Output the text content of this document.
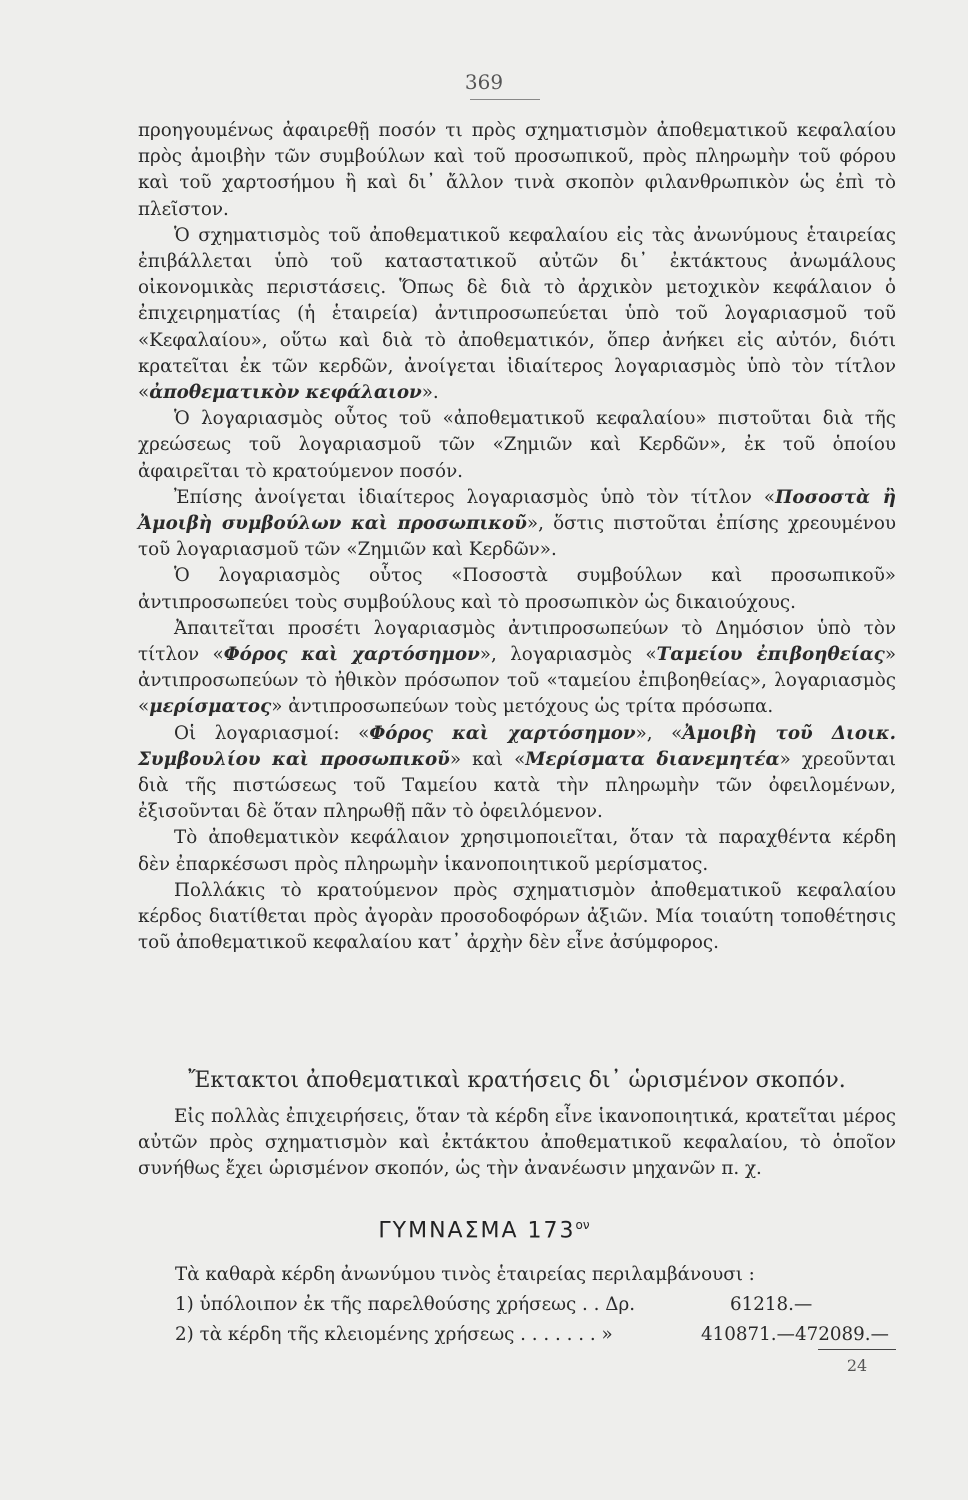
369

προηγουμένως ἀφαιρεθῇ ποσόν τι πρὸς σχηματισμὸν ἀποθεματικοῦ κεφαλαίου πρὸς ἀμοιβὴν τῶν συμβούλων καὶ τοῦ προσωπικοῦ, πρὸς πληρωμὴν τοῦ φόρου καὶ τοῦ χαρτοσήμου ἢ καὶ δι᾽ ἄλλον τινὰ σκοπὸν φιλανθρωπικὸν ὡς ἐπὶ τὸ πλεῖστον.

Ὁ σχηματισμὸς τοῦ ἀποθεματικοῦ κεφαλαίου εἰς τὰς ἀνωνύμους ἑταιρείας ἐπιβάλλεται ὑπὸ τοῦ καταστατικοῦ αὐτῶν δι᾽ ἐκτάκτους ἀνωμάλους οἰκονομικὰς περιστάσεις. Ὅπως δὲ διὰ τὸ ἀρχικὸν μετοχικὸν κεφάλαιον ὁ ἐπιχειρηματίας (ἡ ἑταιρεία) ἀντιπροσωπεύεται ὑπὸ τοῦ λογαριασμοῦ τοῦ «Κεφαλαίου», οὕτω καὶ διὰ τὸ ἀποθεματικόν, ὅπερ ἀνήκει εἰς αὐτόν, διότι κρατεῖται ἐκ τῶν κερδῶν, ἀνοίγεται ἰδιαίτερος λογαριασμὸς ὑπὸ τὸν τίτλον «ἀποθεματικὸν κεφάλαιον».

Ὁ λογαριασμὸς οὗτος τοῦ «ἀποθεματικοῦ κεφαλαίου» πιστοῦται διὰ τῆς χρεώσεως τοῦ λογαριασμοῦ τῶν «Ζημιῶν καὶ Κερδῶν», ἐκ τοῦ ὁποίου ἀφαιρεῖται τὸ κρατούμενον ποσόν.

Ἐπίσης ἀνοίγεται ἰδιαίτερος λογαριασμὸς ὑπὸ τὸν τίτλον «Ποσοστὰ ἢ Ἀμοιβὴ συμβούλων καὶ προσωπικοῦ», ὅστις πιστοῦται ἐπίσης χρεουμένου τοῦ λογαριασμοῦ τῶν «Ζημιῶν καὶ Κερδῶν».

Ὁ λογαριασμὸς οὗτος «Ποσοστὰ συμβούλων καὶ προσωπικοῦ» ἀντιπροσωπεύει τοὺς συμβούλους καὶ τὸ προσωπικὸν ὡς δικαιούχους.

Ἀπαιτεῖται προσέτι λογαριασμὸς ἀντιπροσωπεύων τὸ Δημόσιον ὑπὸ τὸν τίτλον «Φόρος καὶ χαρτόσημον», λογαριασμὸς «Ταμείου ἐπιβοηθείας» ἀντιπροσωπεύων τὸ ἠθικὸν πρόσωπον τοῦ «ταμείου ἐπιβοηθείας», λογαριασμὸς «μερίσματος» ἀντιπροσωπεύων τοὺς μετόχους ὡς τρίτα πρόσωπα.

Οἱ λογαριασμοί: «Φόρος καὶ χαρτόσημον», «Ἀμοιβὴ τοῦ Διοικ. Συμβουλίου καὶ προσωπικοῦ» καὶ «Μερίσματα διανεμητέα» χρεοῦνται διὰ τῆς πιστώσεως τοῦ Ταμείου κατὰ τὴν πληρωμὴν τῶν ὀφειλομένων, ἐξισοῦνται δὲ ὅταν πληρωθῇ πᾶν τὸ ὀφειλόμενον.

Τὸ ἀποθεματικὸν κεφάλαιον χρησιμοποιεῖται, ὅταν τὰ παραχθέντα κέρδη δὲν ἐπαρκέσωσι πρὸς πληρωμὴν ἱκανοποιητικοῦ μερίσματος.

Πολλάκις τὸ κρατούμενον πρὸς σχηματισμὸν ἀποθεματικοῦ κεφαλαίου κέρδος διατίθεται πρὸς ἀγορὰν προσοδοφόρων ἀξιῶν. Μία τοιαύτη τοποθέτησις τοῦ ἀποθεματικοῦ κεφαλαίου κατ᾽ ἀρχὴν δὲν εἶνε ἀσύμφορος.

Ἔκτακτοι ἀποθεματικαὶ κρατήσεις δι᾽ ὡρισμένον σκοπόν.
Εἰς πολλὰς ἐπιχειρήσεις, ὅταν τὰ κέρδη εἶνε ἱκανοποιητικά, κρατεῖται μέρος αὐτῶν πρὸς σχηματισμὸν καὶ ἐκτάκτου ἀποθεματικοῦ κεφαλαίου, τὸ ὁποῖον συνήθως ἔχει ὡρισμένον σκοπόν, ὡς τὴν ἀνανέωσιν μηχανῶν π. χ.
ΓΥΜΝΑΣΜΑ $173^{o\nu}$
Τὰ καθαρὰ κέρδη ἀνωνύμου τινὸς ἑταιρείας περιλαμβάνουσι :
1) ὑπόλοιπον ἐκ τῆς παρελθούσης χρήσεως . . Δρ.	61218.—
2) τὰ κέρδη τῆς κλειομένης χρήσεως . . . . . . . »	410871.— 472089.—
24
